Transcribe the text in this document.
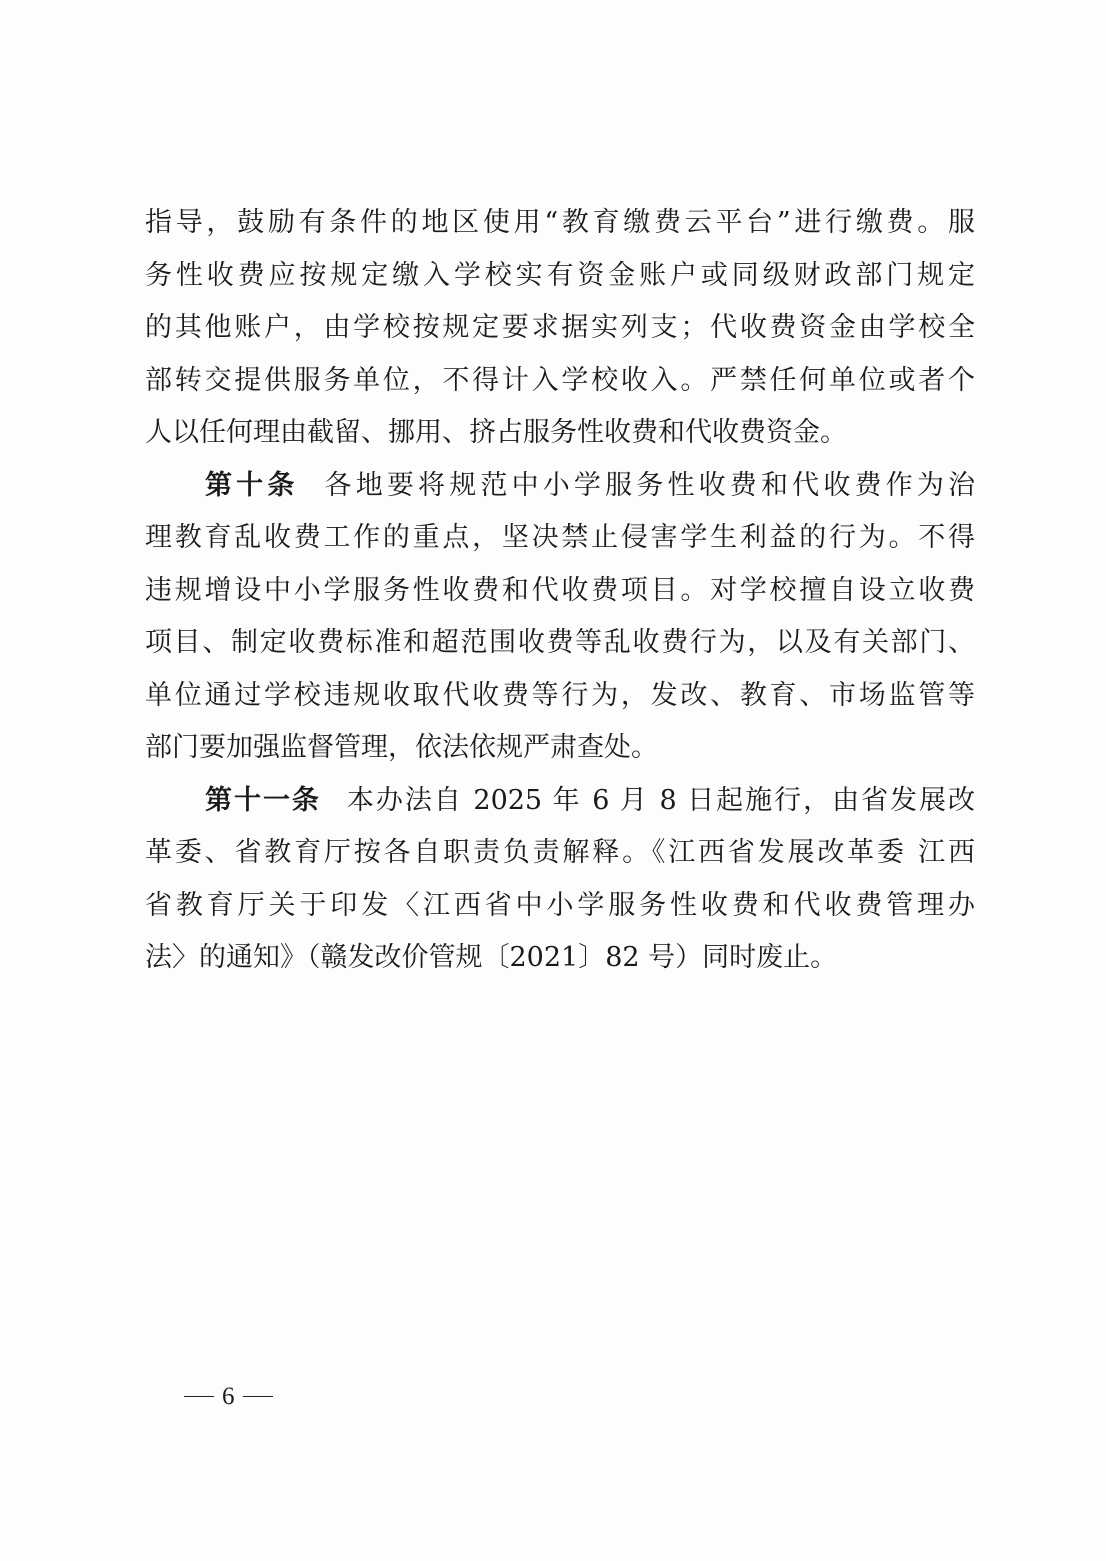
指导，鼓励有条件的地区使用“教育缴费云平台”进行缴费。服
务性收费应按规定缴入学校实有资金账户或同级财政部门规定
的其他账户，由学校按规定要求据实列支；代收费资金由学校全
部转交提供服务单位，不得计入学校收入。严禁任何单位或者个
人以任何理由截留、挪用、挤占服务性收费和代收费资金。
第十条 各地要将规范中小学服务性收费和代收费作为治
理教育乱收费工作的重点，坚决禁止侵害学生利益的行为。不得
违规增设中小学服务性收费和代收费项目。对学校擅自设立收费
项目、制定收费标准和超范围收费等乱收费行为，以及有关部门、
单位通过学校违规收取代收费等行为，发改、教育、市场监管等
部门要加强监督管理，依法依规严肃查处。
第十一条 本办法自 2025 年 6 月 8 日起施行，由省发展改
革委、省教育厅按各自职责负责解释。《江西省发展改革委 江西
省教育厅关于印发〈江西省中小学服务性收费和代收费管理办
法〉的通知》（赣发改价管规〔2021〕82 号）同时废止。
6
